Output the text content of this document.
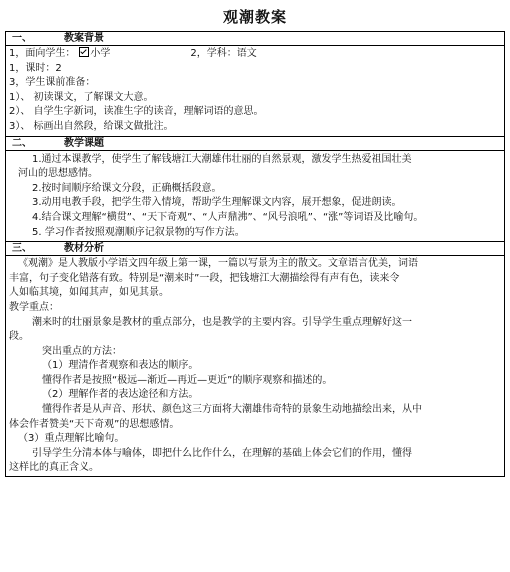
观潮教案
一、	教案背景
1，面向学生： 小学	2，学科：语文
1，课时：2
3，学生课前准备：
1）、 初读课文，了解课文大意。
2）、 自学生字新词，读准生字的读音，理解词语的意思。
3）、 标画出自然段，给课文做批注。
二、	教学课题
1.通过本课教学，使学生了解钱塘江大潮雄伟壮丽的自然景观，激发学生热爱祖国壮美
河山的思想感情。
2.按时间顺序给课文分段，正确概括段意。
3.动用电教手段，把学生带入情境，帮助学生理解课文内容，展开想象，促进朗读。
4.结合课文理解“横贯”、“天下奇观”、“人声鼎沸”、“风号浪吼”、“涨”等词语及比喻句。
5. 学习作者按照观潮顺序记叙景物的写作方法。
三、	教材分析
《观潮》是人教版小学语文四年级上第一课，一篇以写景为主的散文。文章语言优美，词语
丰富，句子变化错落有致。特别是“潮来时”一段，把钱塘江大潮描绘得有声有色，读来令
人如临其境，如闻其声，如见其景。
教学重点：
潮来时的壮丽景象是教材的重点部分，也是教学的主要内容。引导学生重点理解好这一
段。
突出重点的方法：
（1）理清作者观察和表达的顺序。
懂得作者是按照“极远—渐近—再近—更近”的顺序观察和描述的。
（2）理解作者的表达途径和方法。
懂得作者是从声音、形状、颜色这三方面将大潮雄伟奇特的景象生动地描绘出来，从中
体会作者赞美“天下奇观”的思想感情。
（3）重点理解比喻句。
引导学生分清本体与喻体，即把什么比作什么，在理解的基础上体会它们的作用，懂得
这样比的真正含义。
